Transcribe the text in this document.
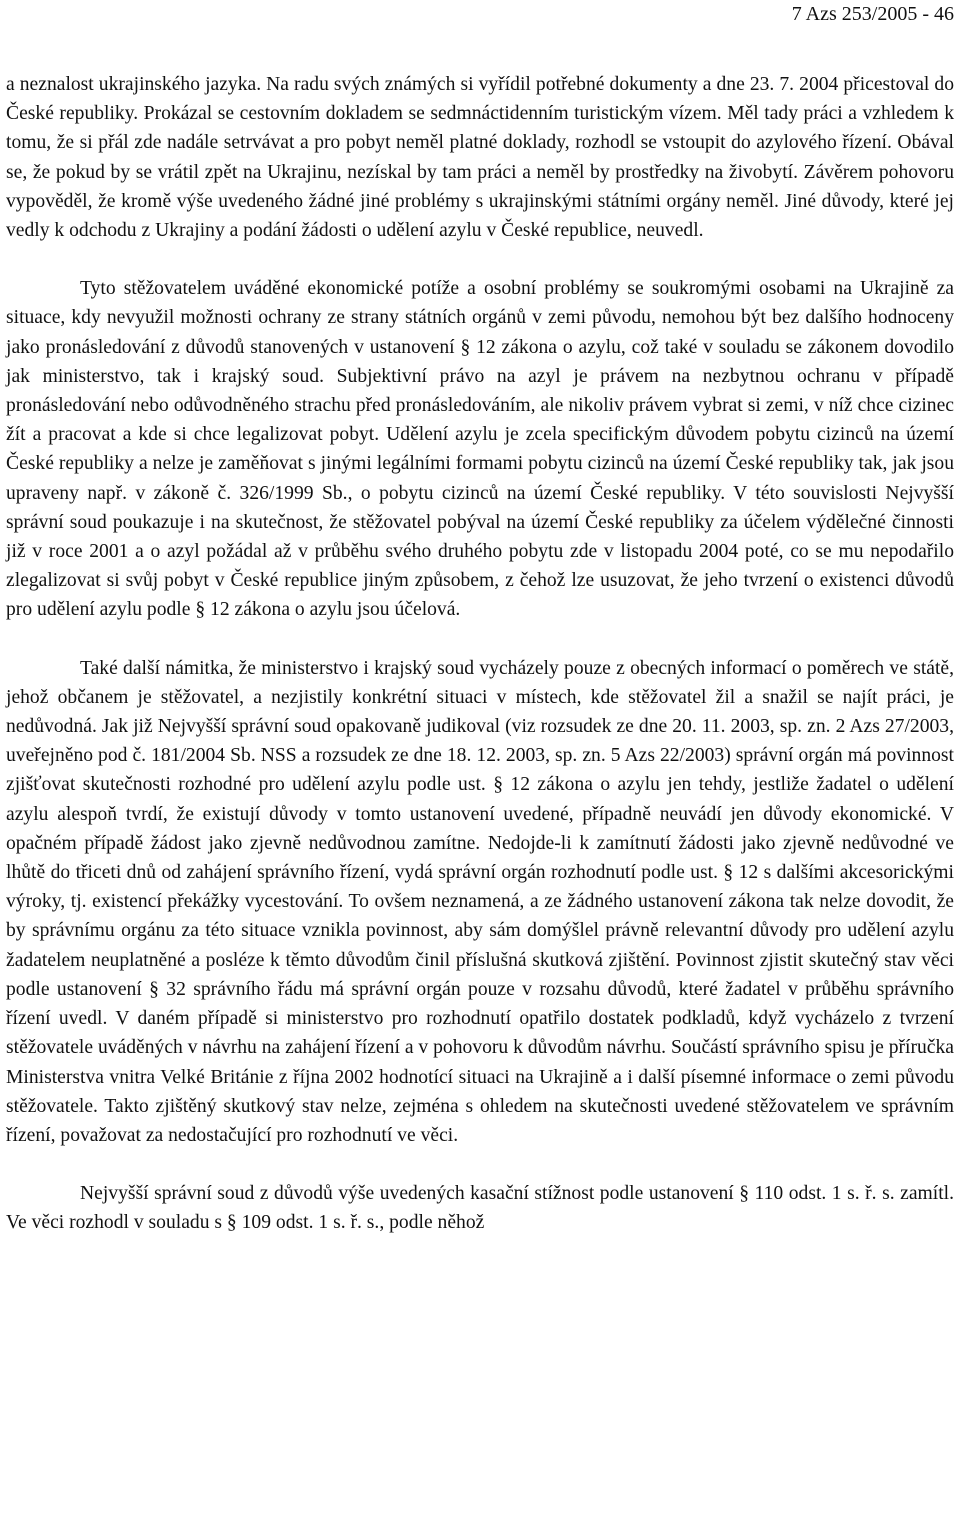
7 Azs 253/2005 - 46

a neznalost ukrajinského jazyka. Na radu svých známých si vyřídil potřebné dokumenty a dne 23. 7. 2004 přicestoval do České republiky. Prokázal se cestovním dokladem se sedmnáctidenním turistickým vízem. Měl tady práci a vzhledem k tomu, že si přál zde nadále setrvávat a pro pobyt neměl platné doklady, rozhodl se vstoupit do azylového řízení. Obával se, že pokud by se vrátil zpět na Ukrajinu, nezískal by tam práci a neměl by prostředky na živobytí. Závěrem pohovoru vypověděl, že kromě výše uvedeného žádné jiné problémy s ukrajinskými státními orgány neměl. Jiné důvody, které jej vedly k odchodu z Ukrajiny a podání žádosti o udělení azylu v České republice, neuvedl.

Tyto stěžovatelem uváděné ekonomické potíže a osobní problémy se soukromými osobami na Ukrajině za situace, kdy nevyužil možnosti ochrany ze strany státních orgánů v zemi původu, nemohou být bez dalšího hodnoceny jako pronásledování z důvodů stanovených v ustanovení § 12 zákona o azylu, což také v souladu se zákonem dovodilo jak ministerstvo, tak i krajský soud. Subjektivní právo na azyl je právem na nezbytnou ochranu v případě pronásledování nebo odůvodněného strachu před pronásledováním, ale nikoliv právem vybrat si zemi, v níž chce cizinec žít a pracovat a kde si chce legalizovat pobyt. Udělení azylu je zcela specifickým důvodem pobytu cizinců na území České republiky a nelze je zaměňovat s jinými legálními formami pobytu cizinců na území České republiky tak, jak jsou upraveny např. v zákoně č. 326/1999 Sb., o pobytu cizinců na území České republiky. V této souvislosti Nejvyšší správní soud poukazuje i na skutečnost, že stěžovatel pobýval na území České republiky za účelem výdělečné činnosti již v roce 2001 a o azyl požádal až v průběhu svého druhého pobytu zde v listopadu 2004 poté, co se mu nepodařilo zlegalizovat si svůj pobyt v České republice jiným způsobem, z čehož lze usuzovat, že jeho tvrzení o existenci důvodů pro udělení azylu podle § 12 zákona o azylu jsou účelová.

Také další námitka, že ministerstvo i krajský soud vycházely pouze z obecných informací o poměrech ve státě, jehož občanem je stěžovatel, a nezjistily konkrétní situaci v místech, kde stěžovatel žil a snažil se najít práci, je nedůvodná. Jak již Nejvyšší správní soud opakovaně judikoval (viz rozsudek ze dne 20. 11. 2003, sp. zn. 2 Azs 27/2003, uveřejněno pod č. 181/2004 Sb. NSS a rozsudek ze dne 18. 12. 2003, sp. zn. 5 Azs 22/2003) správní orgán má povinnost zjišťovat skutečnosti rozhodné pro udělení azylu podle ust. § 12 zákona o azylu jen tehdy, jestliže žadatel o udělení azylu alespoň tvrdí, že existují důvody v tomto ustanovení uvedené, případně neuvádí jen důvody ekonomické. V opačném případě žádost jako zjevně nedůvodnou zamítne. Nedojde-li k zamítnutí žádosti jako zjevně nedůvodné ve lhůtě do třiceti dnů od zahájení správního řízení, vydá správní orgán rozhodnutí podle ust. § 12 s dalšími akcesorickými výroky, tj. existencí překážky vycestování. To ovšem neznamená, a ze žádného ustanovení zákona tak nelze dovodit, že by správnímu orgánu za této situace vznikla povinnost, aby sám domýšlel právně relevantní důvody pro udělení azylu žadatelem neuplatněné a posléze k těmto důvodům činil příslušná skutková zjištění. Povinnost zjistit skutečný stav věci podle ustanovení § 32 správního řádu má správní orgán pouze v rozsahu důvodů, které žadatel v průběhu správního řízení uvedl. V daném případě si ministerstvo pro rozhodnutí opatřilo dostatek podkladů, když vycházelo z tvrzení stěžovatele uváděných v návrhu na zahájení řízení a v pohovoru k důvodům návrhu. Součástí správního spisu je příručka Ministerstva vnitra Velké Británie z října 2002 hodnotící situaci na Ukrajině a i další písemné informace o zemi původu stěžovatele. Takto zjištěný skutkový stav nelze, zejména s ohledem na skutečnosti uvedené stěžovatelem ve správním řízení, považovat za nedostačující pro rozhodnutí ve věci.

Nejvyšší správní soud z důvodů výše uvedených kasační stížnost podle ustanovení § 110 odst. 1 s. ř. s. zamítl. Ve věci rozhodl v souladu s § 109 odst. 1 s. ř. s., podle něhož
